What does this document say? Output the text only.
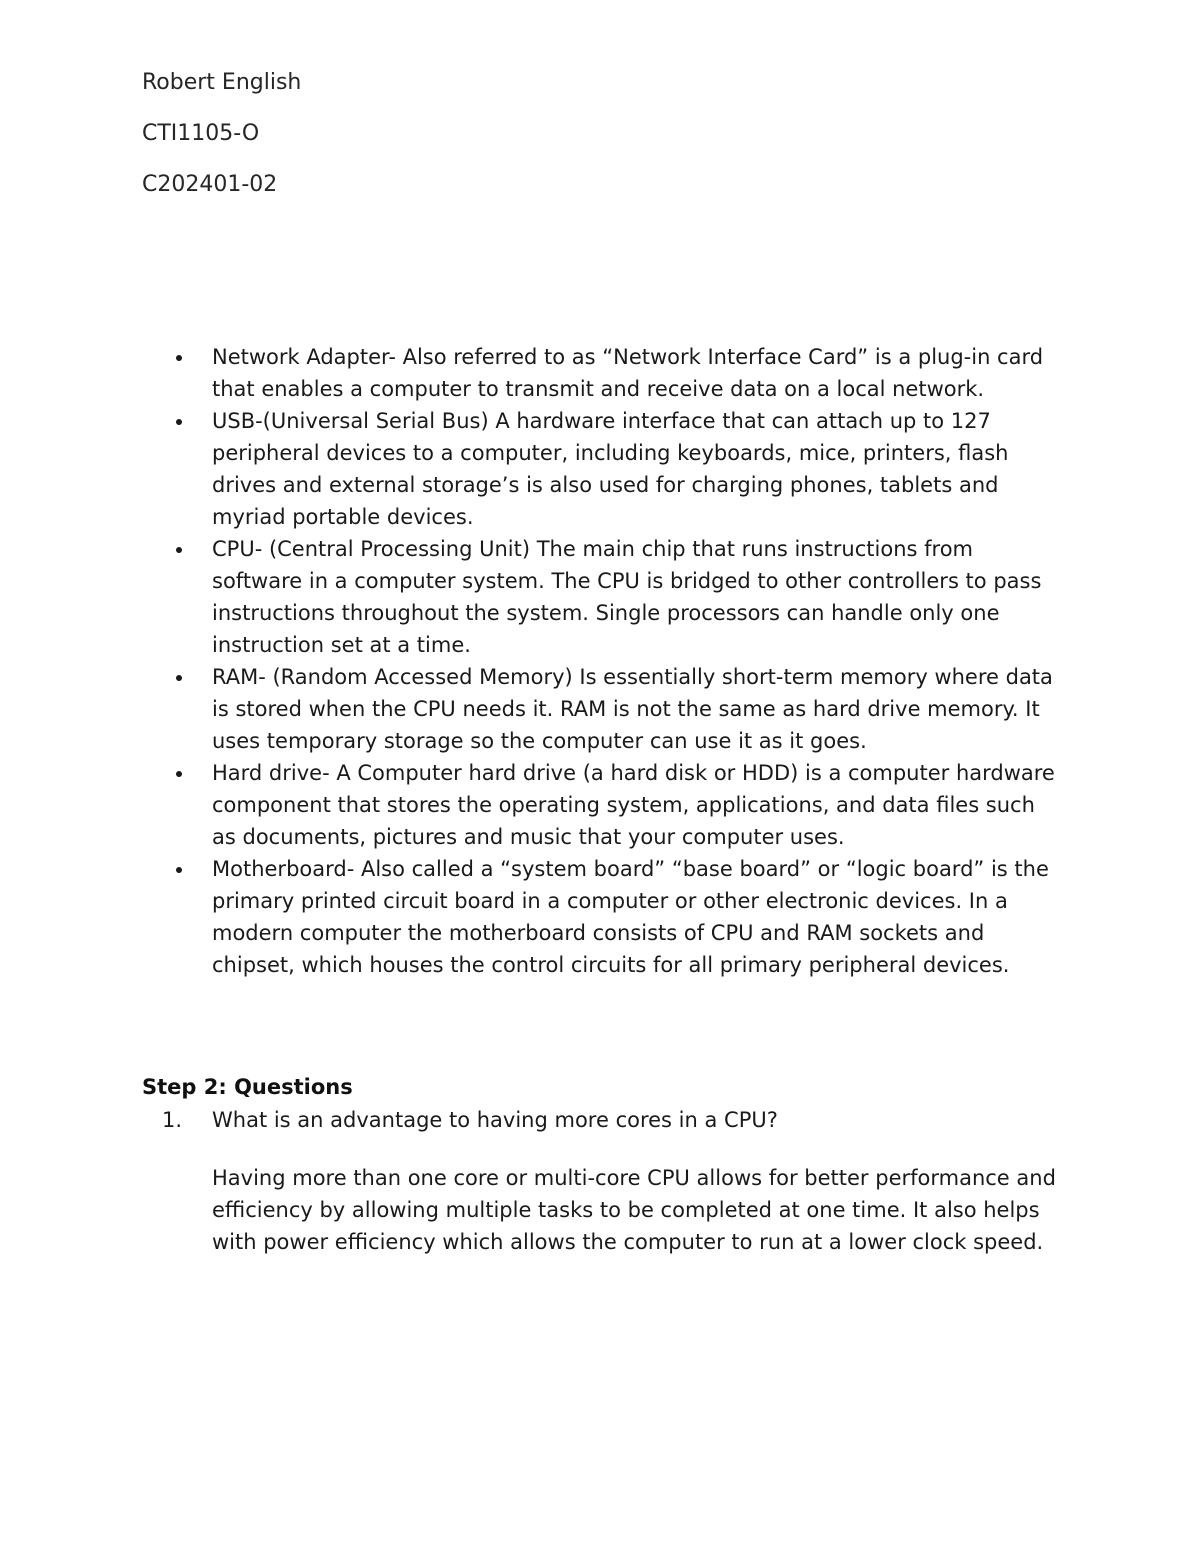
Robert English
CTI1105-O
C202401-02
Network Adapter- Also referred to as “Network Interface Card” is a plug-in card that enables a computer to transmit and receive data on a local network.
USB-(Universal Serial Bus) A hardware interface that can attach up to 127 peripheral devices to a computer, including keyboards, mice, printers, flash drives and external storage’s is also used for charging phones, tablets and myriad portable devices.
CPU- (Central Processing Unit) The main chip that runs instructions from software in a computer system. The CPU is bridged to other controllers to pass instructions throughout the system. Single processors can handle only one instruction set at a time.
RAM- (Random Accessed Memory) Is essentially short-term memory where data is stored when the CPU needs it. RAM is not the same as hard drive memory. It uses temporary storage so the computer can use it as it goes.
Hard drive- A Computer hard drive (a hard disk or HDD) is a computer hardware component that stores the operating system, applications, and data files such as documents, pictures and music that your computer uses.
Motherboard- Also called a “system board” “base board” or “logic board” is the primary printed circuit board in a computer or other electronic devices. In a modern computer the motherboard consists of CPU and RAM sockets and chipset, which houses the control circuits for all primary peripheral devices.
Step 2: Questions
1. What is an advantage to having more cores in a CPU?
Having more than one core or multi-core CPU allows for better performance and efficiency by allowing multiple tasks to be completed at one time. It also helps with power efficiency which allows the computer to run at a lower clock speed.
